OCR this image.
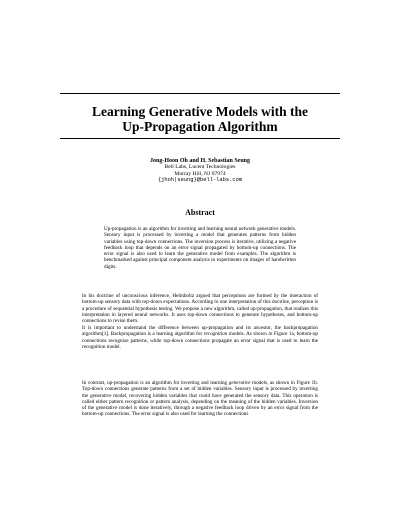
Learning Generative Models with the
Up-Propagation Algorithm
Jong-Hoon Oh and H. Sebastian Seung
Bell Labs, Lucent Technologies
Murray Hill, NJ 07974
{jhoh|seung}@bell-labs.com
Abstract
Up-propagation is an algorithm for inverting and learning neural network generative models. Sensory input is processed by inverting a model that generates patterns from hidden variables using top-down connections. The inversion process is iterative, utilizing a negative feedback loop that depends on an error signal propagated by bottom-up connections. The error signal is also used to learn the generative model from examples. The algorithm is benchmarked against principal component analysis in experiments on images of handwritten digits.
In his doctrine of unconscious inference, Helmholtz argued that perceptions are formed by the interaction of bottom-up sensory data with top-down expectations. According to one interpretation of this doctrine, perception is a procedure of sequential hypothesis testing. We propose a new algorithm, called up-propagation, that realizes this interpretation in layered neural networks. It uses top-down connections to generate hypotheses, and bottom-up connections to revise them.
It is important to understand the difference between up-propagation and its ancestor, the backpropagation algorithm[1]. Backpropagation is a learning algorithm for recognition models. As shown in Figure 1a, bottom-up connections recognize patterns, while top-down connections propagate an error signal that is used to learn the recognition model.
In contrast, up-propagation is an algorithm for inverting and learning generative models, as shown in Figure 1b. Top-down connections generate patterns from a set of hidden variables. Sensory input is processed by inverting the generative model, recovering hidden variables that could have generated the sensory data. This operation is called either pattern recognition or pattern analysis, depending on the meaning of the hidden variables. Inversion of the generative model is done iteratively, through a negative feedback loop driven by an error signal from the bottom-up connections. The error signal is also used for learning the connections
